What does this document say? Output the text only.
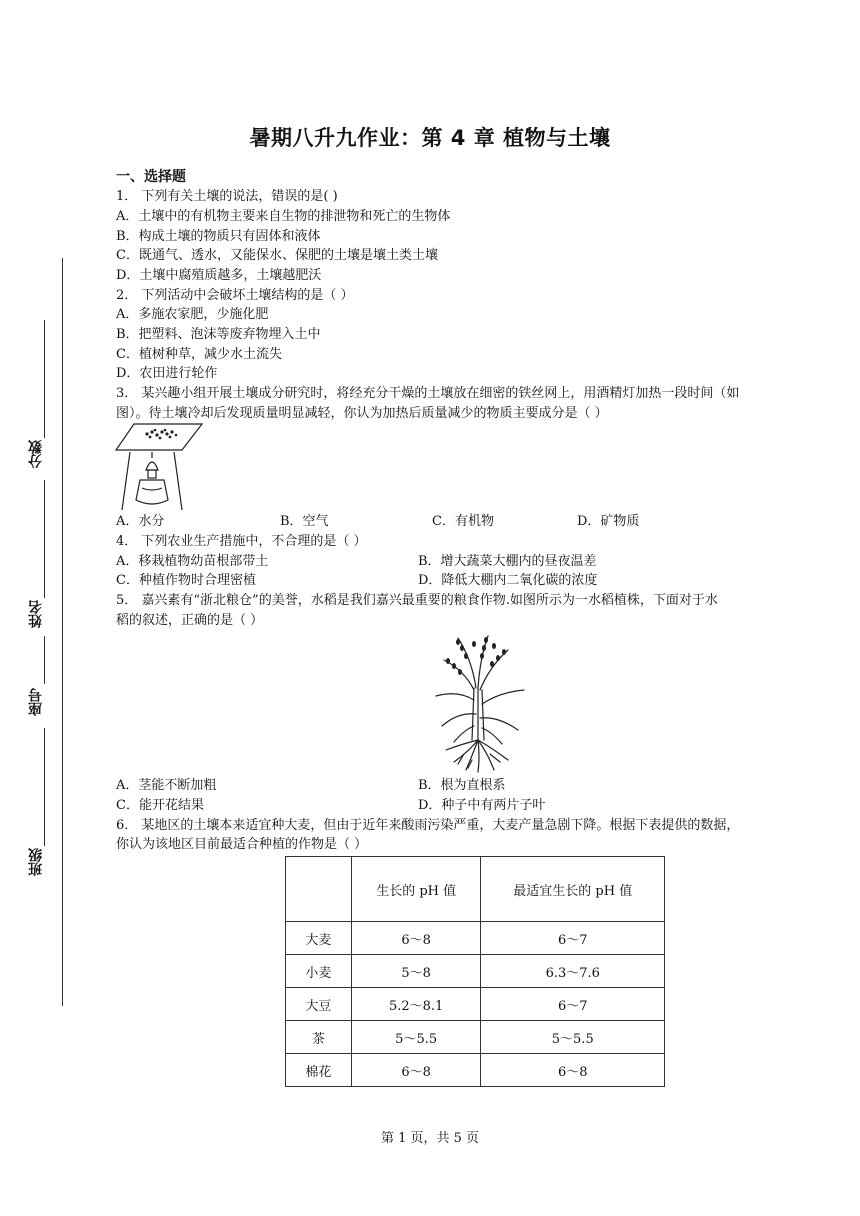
分数
姓名
座号
班级
暑期八升九作业：第 4 章 植物与土壤
一、选择题
1． 下列有关土壤的说法，错误的是( )
A．土壤中的有机物主要来自生物的排泄物和死亡的生物体
B．构成土壤的物质只有固体和液体
C．既通气、透水，又能保水、保肥的土壤是壤土类土壤
D．土壤中腐殖质越多，土壤越肥沃
2． 下列活动中会破坏土壤结构的是（ ）
A．多施农家肥，少施化肥
B．把塑料、泡沫等废弃物埋入土中
C．植树种草，减少水土流失
D．农田进行轮作
3． 某兴趣小组开展土壤成分研究时，将经充分干燥的土壤放在细密的铁丝网上，用酒精灯加热一段时间（如
图）。待土壤冷却后发现质量明显减轻，你认为加热后质量减少的物质主要成分是（ ）
A．水分	B．空气	C．有机物	D．矿物质
4． 下列农业生产措施中，不合理的是（ ）
A．移栽植物幼苗根部带土	B．增大蔬菜大棚内的昼夜温差
C．种植作物时合理密植	D．降低大棚内二氧化碳的浓度
5． 嘉兴素有“浙北粮仓”的美誉，水稻是我们嘉兴最重要的粮食作物.如图所示为一水稻植株，下面对于水
稻的叙述，正确的是（ ）
A．茎能不断加粗	B．根为直根系
C．能开花结果	D．种子中有两片子叶
6． 某地区的土壤本来适宜种大麦，但由于近年来酸雨污染严重，大麦产量急剧下降。根据下表提供的数据，
你认为该地区目前最适合种植的作物是（ ）
	生长的 pH 值	最适宜生长的 pH 值
大麦	6～8	6～7
小麦	5～8	6.3～7.6
大豆	5.2～8.1	6～7
茶	5～5.5	5～5.5
棉花	6～8	6～8
第 1 页，共 5 页
